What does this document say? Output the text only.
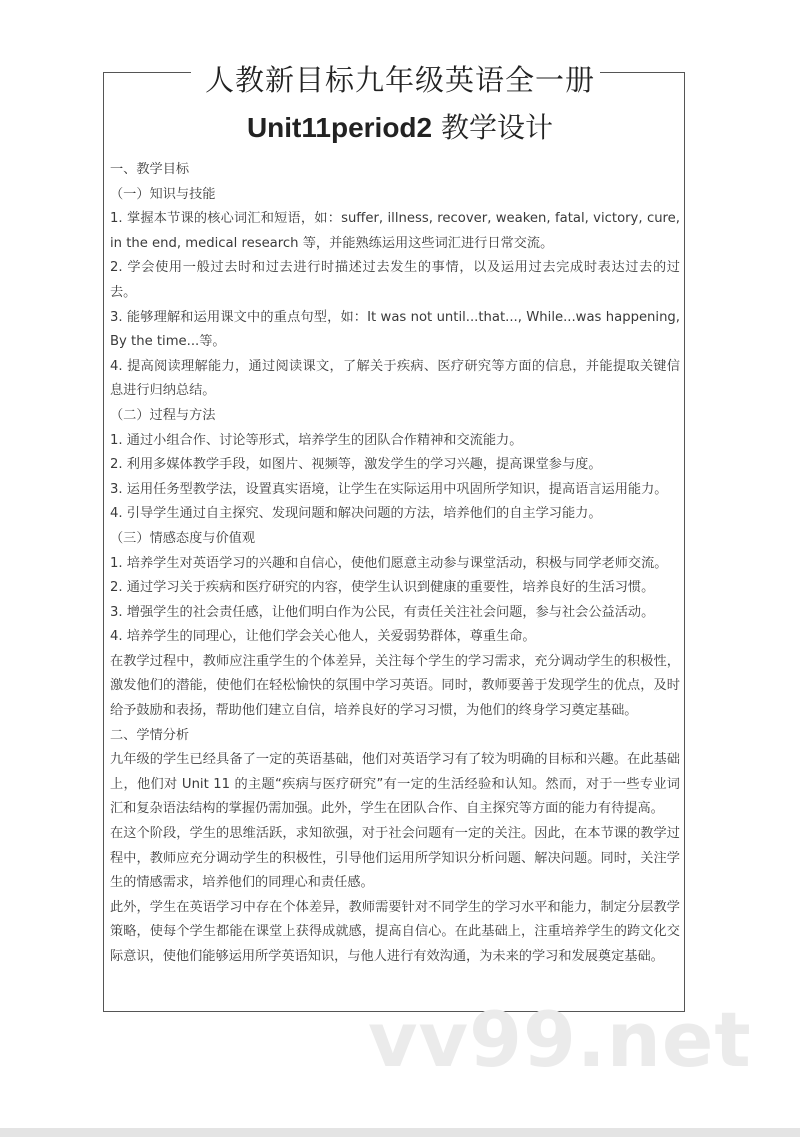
人教新目标九年级英语全一册
Unit11period2 教学设计

一、教学目标

（一）知识与技能

1. 掌握本节课的核心词汇和短语，如：suffer, illness, recover, weaken, fatal, victory, cure, in the end, medical research 等，并能熟练运用这些词汇进行日常交流。

2. 学会使用一般过去时和过去进行时描述过去发生的事情，以及运用过去完成时表达过去的过去。

3. 能够理解和运用课文中的重点句型，如：It was not until...that..., While...was happening, By the time...等。

4. 提高阅读理解能力，通过阅读课文，了解关于疾病、医疗研究等方面的信息，并能提取关键信息进行归纳总结。

（二）过程与方法

1. 通过小组合作、讨论等形式，培养学生的团队合作精神和交流能力。

2. 利用多媒体教学手段，如图片、视频等，激发学生的学习兴趣，提高课堂参与度。

3. 运用任务型教学法，设置真实语境，让学生在实际运用中巩固所学知识，提高语言运用能力。

4. 引导学生通过自主探究、发现问题和解决问题的方法，培养他们的自主学习能力。

（三）情感态度与价值观

1. 培养学生对英语学习的兴趣和自信心，使他们愿意主动参与课堂活动，积极与同学老师交流。

2. 通过学习关于疾病和医疗研究的内容，使学生认识到健康的重要性，培养良好的生活习惯。

3. 增强学生的社会责任感，让他们明白作为公民，有责任关注社会问题，参与社会公益活动。

4. 培养学生的同理心，让他们学会关心他人，关爱弱势群体，尊重生命。

在教学过程中，教师应注重学生的个体差异，关注每个学生的学习需求，充分调动学生的积极性，激发他们的潜能，使他们在轻松愉快的氛围中学习英语。同时，教师要善于发现学生的优点，及时给予鼓励和表扬，帮助他们建立自信，培养良好的学习习惯，为他们的终身学习奠定基础。

二、学情分析

九年级的学生已经具备了一定的英语基础，他们对英语学习有了较为明确的目标和兴趣。在此基础上，他们对 Unit 11 的主题“疾病与医疗研究”有一定的生活经验和认知。然而，对于一些专业词汇和复杂语法结构的掌握仍需加强。此外，学生在团队合作、自主探究等方面的能力有待提高。

在这个阶段，学生的思维活跃，求知欲强，对于社会问题有一定的关注。因此，在本节课的教学过程中，教师应充分调动学生的积极性，引导他们运用所学知识分析问题、解决问题。同时，关注学生的情感需求，培养他们的同理心和责任感。

此外，学生在英语学习中存在个体差异，教师需要针对不同学生的学习水平和能力，制定分层教学策略，使每个学生都能在课堂上获得成就感，提高自信心。在此基础上，注重培养学生的跨文化交际意识，使他们能够运用所学英语知识，与他人进行有效沟通，为未来的学习和发展奠定基础。

vv99.net
